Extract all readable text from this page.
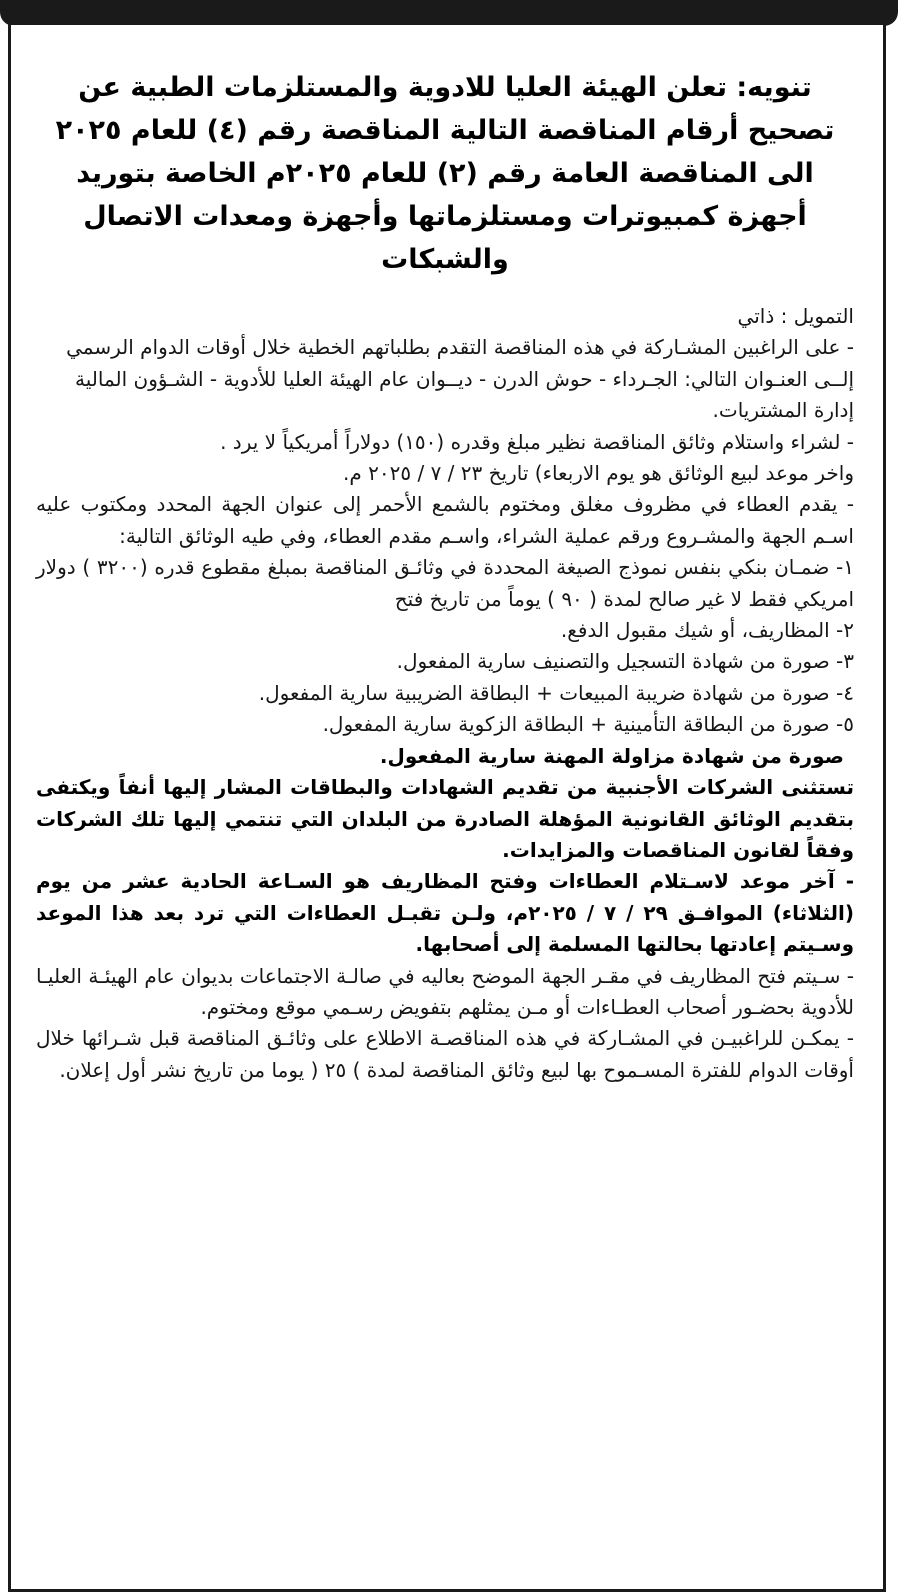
تنويه: تعلن الهيئة العليا للادوية والمستلزمات الطبية عن تصحيح أرقام المناقصة التالية المناقصة رقم (٤) للعام ٢٠٢٥ الى المناقصة العامة رقم (٢) للعام ٢٠٢٥م الخاصة بتوريد أجهزة كمبيوترات ومستلزماتها وأجهزة ومعدات الاتصال والشبكات
التمويل : ذاتي
- على الراغبين المشـاركة في هذه المناقصة التقدم بطلباتهم الخطية خلال أوقات الدوام الرسمي
إلــى العنـوان التالي: الجـرداء - حوش الدرن - ديــوان عام الهيئة العليا للأدوية - الشـؤون المالية
إدارة المشتريات.
- لشراء واستلام وثائق المناقصة نظير مبلغ وقدره (١٥٠) دولاراً أمريكياً لا يرد .
واخر موعد لبيع الوثائق هو يوم الاربعاء) تاريخ ٢٣ / ٧ / ٢٠٢٥ م.
- يقدم العطاء في مظروف مغلق ومختوم بالشمع الأحمر إلى عنوان الجهة المحدد ومكتوب عليه اسـم الجهة والمشـروع ورقم عملية الشراء، واسـم مقدم العطاء، وفي طيه الوثائق التالية:
١- ضمـان بنكي بنفس نموذج الصيغة المحددة في وثائـق المناقصة بمبلغ مقطوع قدره (٣٢٠٠ ) دولار امريكي فقط لا غير صالح لمدة ( ٩٠ ) يوماً من تاريخ فتح
٢- المظاريف، أو شيك مقبول الدفع.
٣- صورة من شهادة التسجيل والتصنيف سارية المفعول.
٤- صورة من شهادة ضريبة المبيعات + البطاقة الضريبية سارية المفعول.
٥- صورة من البطاقة التأمينية + البطاقة الزكوية سارية المفعول.
صورة من شهادة مزاولة المهنة سارية المفعول.
تستثنى الشركات الأجنبية من تقديم الشهادات والبطاقات المشار إليها أنفاً ويكتفى بتقديم الوثائق القانونية المؤهلة الصادرة من البلدان التي تنتمي إليها تلك الشركات وفقاً لقانون المناقصات والمزايدات.
- آخر موعد لاسـتلام العطاءات وفتح المظاريف هو السـاعة الحادية عشر من يوم (الثلاثاء) الموافـق ٢٩ / ٧ / ٢٠٢٥م، ولـن تقبـل العطاءات التي ترد بعد هذا الموعد وسـيتم إعادتها بحالتها المسلمة إلى أصحابها.
- سـيتم فتح المظاريف في مقـر الجهة الموضح بعاليه في صالـة الاجتماعات بديوان عام الهيئـة العليـا للأدوية بحضـور أصحاب العطـاءات أو مـن يمثلهم بتفويض رسـمي موقع ومختوم.
- يمكـن للراغبيـن في المشـاركة في هذه المناقصـة الاطلاع على وثائـق المناقصة قبل شـرائها خلال أوقات الدوام للفترة المسـموح بها لبيع وثائق المناقصة لمدة ) ٢٥ ( يوما من تاريخ نشر أول إعلان.
